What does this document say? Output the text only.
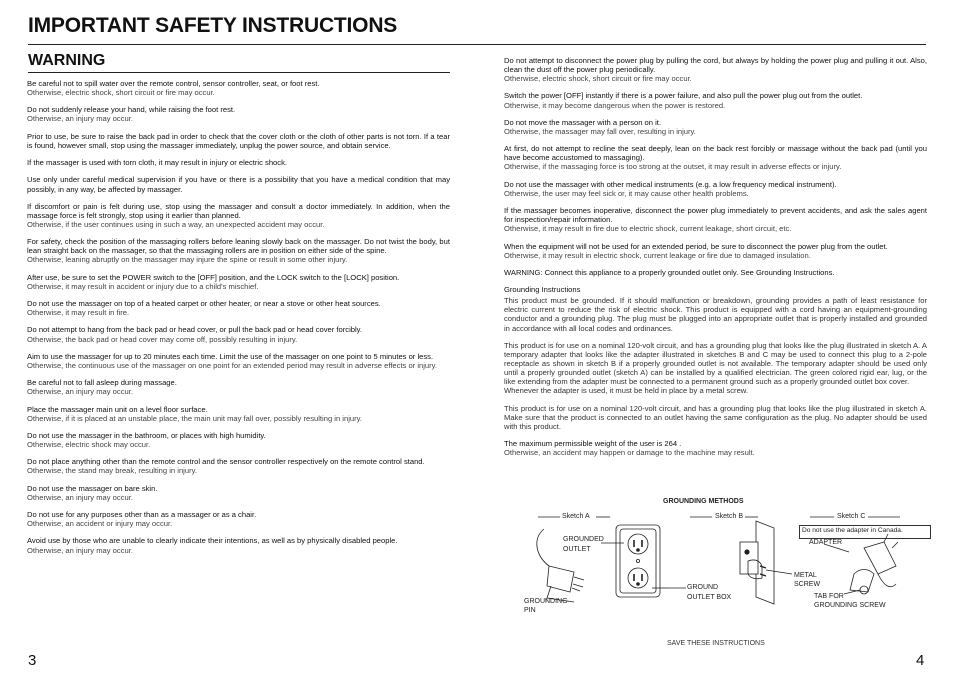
IMPORTANT SAFETY INSTRUCTIONS
WARNING
Be careful not to spill water over the remote control, sensor controller, seat, or foot rest.
Otherwise, electric shock, short circuit or fire may occur.
Do not suddenly release your hand, while raising the foot rest.
Otherwise, an injury may occur.
Prior to use, be sure to raise the back pad in order to check that the cover cloth or the cloth of other parts is not torn. If a tear is found, however small, stop using the massager immediately, unplug the power source, and obtain service.
If the massager is used with torn cloth, it may result in injury or electric shock.
Use only under careful medical supervision if you have or there is a possibility that you have a medical condition that may possibly, in any way, be affected by massager.
If discomfort or pain is felt during use, stop using the massager and consult a doctor immediately. In addition, when the massage force is felt strongly, stop using it earlier than planned.
Otherwise, if the user continues using in such a way, an unexpected accident may occur.
For safety, check the position of the massaging rollers before leaning slowly back on the massager. Do not twist the body, but lean straight back on the massager, so that the massaging rollers are in position on either side of the spine.
Otherwise, leaning abruptly on the massager may injure the spine or result in some other injury.
After use, be sure to set the POWER switch to the [OFF] position, and the LOCK switch to the [LOCK] position.
Otherwise, it may result in accident or injury due to a child's mischief.
Do not use the massager on top of a heated carpet or other heater, or near a stove or other heat sources.
Otherwise, it may result in fire.
Do not attempt to hang from the back pad or head cover, or pull the back pad or head cover forcibly.
Otherwise, the back pad or head cover may come off, possibly resulting in injury.
Aim to use the massager for up to 20 minutes each time. Limit the use of the massager on one point to 5 minutes or less.
Otherwise, the continuous use of the massager on one point for an extended period may result in adverse effects or injury.
Be careful not to fall asleep during massage.
Otherwise, an injury may occur.
Place the massager main unit on a level floor surface.
Otherwise, if it is placed at an unstable place, the main unit may fall over, possibly resulting in injury.
Do not use the massager in the bathroom, or places with high humidity.
Otherwise, electric shock may occur.
Do not place anything other than the remote control and the sensor controller respectively on the remote control stand.
Otherwise, the stand may break, resulting in injury.
Do not use the massager on bare skin.
Otherwise, an injury may occur.
Do not use for any purposes other than as a massager or as a chair.
Otherwise, an accident or injury may occur.
Avoid use by those who are unable to clearly indicate their intentions, as well as by physically disabled people.
Otherwise, an injury may occur.
Do not attempt to disconnect the power plug by pulling the cord, but always by holding the power plug and pulling it out. Also, clean the dust off the power plug periodically.
Otherwise, electric shock, short circuit or fire may occur.
Switch the power [OFF] instantly if there is a power failure, and also pull the power plug out from the outlet.
Otherwise, it may become dangerous when the power is restored.
Do not move the massager with a person on it.
Otherwise, the massager may fall over, resulting in injury.
At first, do not attempt to recline the seat deeply, lean on the back rest forcibly or massage without the back pad (until you have become accustomed to massaging).
Otherwise, if the massaging force is too strong at the outset, it may result in adverse effects or injury.
Do not use the massager with other medical instruments (e.g. a low frequency medical instrument).
Otherwise, the user may feel sick or, it may cause other health problems.
If the massager becomes inoperative, disconnect the power plug immediately to prevent accidents, and ask the sales agent for inspection/repair information.
Otherwise, it may result in fire due to electric shock, current leakage, short circuit, etc.
When the equipment will not be used for an extended period, be sure to disconnect the power plug from the outlet.
Otherwise, it may result in electric shock, current leakage or fire due to damaged insulation.
WARNING: Connect this appliance to a properly grounded outlet only. See Grounding Instructions.
Grounding Instructions
This product must be grounded. If it should malfunction or breakdown, grounding provides a path of least resistance for electric current to reduce the risk of electric shock. This product is equipped with a cord having an equipment-grounding conductor and a grounding plug. The plug must be plugged into an appropriate outlet that is properly installed and grounded in accordance with all local codes and ordinances.
This product is for use on a nominal 120-volt circuit, and has a grounding plug that looks like the plug illustrated in sketch A. A temporary adapter that looks like the adapter illustrated in sketches B and C may be used to connect this plug to a 2-pole receptacle as shown in sketch B if a properly grounded outlet is not available. The temporary adapter should be used only until a properly grounded outlet (sketch A) can be installed by a qualified electrician. The green colored rigid ear, lug, or the like extending from the adapter must be connected to a permanent ground such as a properly grounded outlet box cover.
Whenever the adapter is used, it must be held in place by a metal screw.
This product is for use on a nominal 120-volt circuit, and has a grounding plug that looks like the plug illustrated in sketch A. Make sure that the product is connected to an outlet having the same configuration as the plug. No adapter should be used with this product.
The maximum permissible weight of the user is 264 .
Otherwise, an accident may happen or damage to the machine may result.
GROUNDING METHODS
Sketch A	Sketch B	Sketch C
Do not use the adapter in Canada.
ADAPTER
GROUNDED
OUTLET
GROUND
OUTLET BOX
METAL
SCREW
TAB FOR
GROUNDING SCREW
GROUNDING
PIN
SAVE THESE INSTRUCTIONS
3	4
